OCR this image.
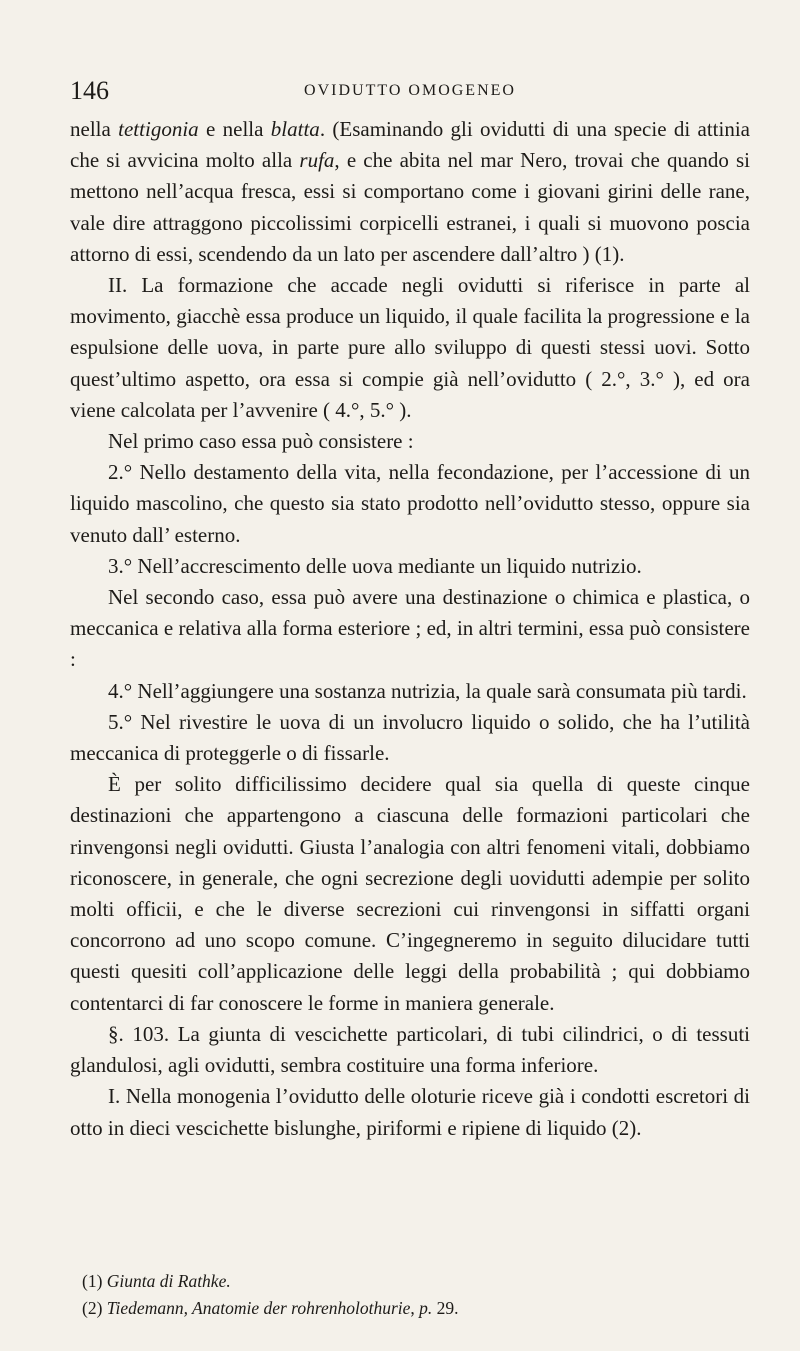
146	OVIDUTTO OMOGENEO

nella tettigonia e nella blatta. (Esaminando gli ovidutti di una specie di attinia che si avvicina molto alla rufa, e che abita nel mar Nero, trovai che quando si mettono nell’acqua fresca, essi si comportano come i giovani girini delle rane, vale dire attraggono piccolissimi corpicelli estranei, i quali si muovono poscia attorno di essi, scendendo da un lato per ascendere dall’altro ) (1).

II. La formazione che accade negli ovidutti si riferisce in parte al movimento, giacchè essa produce un liquido, il quale facilita la progressione e la espulsione delle uova, in parte pure allo sviluppo di questi stessi uovi. Sotto quest’ultimo aspetto, ora essa si compie già nell’ovidutto ( 2.°, 3.° ), ed ora viene calcolata per l’avvenire ( 4.°, 5.° ).

Nel primo caso essa può consistere :

2.° Nello destamento della vita, nella fecondazione, per l’accessione di un liquido mascolino, che questo sia stato prodotto nell’ovidutto stesso, oppure sia venuto dall’ esterno.

3.° Nell’accrescimento delle uova mediante un liquido nutrizio.

Nel secondo caso, essa può avere una destinazione o chimica e plastica, o meccanica e relativa alla forma esteriore ; ed, in altri termini, essa può consistere :

4.° Nell’aggiungere una sostanza nutrizia, la quale sarà consumata più tardi.

5.° Nel rivestire le uova di un involucro liquido o solido, che ha l’utilità meccanica di proteggerle o di fissarle.

È per solito difficilissimo decidere qual sia quella di queste cinque destinazioni che appartengono a ciascuna delle formazioni particolari che rinvengonsi negli ovidutti. Giusta l’analogia con altri fenomeni vitali, dobbiamo riconoscere, in generale, che ogni secrezione degli uovidutti adempie per solito molti officii, e che le diverse secrezioni cui rinvengonsi in siffatti organi concorrono ad uno scopo comune. C’ingegneremo in seguito dilucidare tutti questi quesiti coll’applicazione delle leggi della probabilità ; qui dobbiamo contentarci di far conoscere le forme in maniera generale.

§. 103. La giunta di vescichette particolari, di tubi cilindrici, o di tessuti glandulosi, agli ovidutti, sembra costituire una forma inferiore.

I. Nella monogenia l’ovidutto delle oloturie riceve già i condotti escretori di otto in dieci vescichette bislunghe, piriformi e ripiene di liquido (2).

(1) Giunta di Rathke.

(2) Tiedemann, Anatomie der rohrenholothurie, p. 29.
